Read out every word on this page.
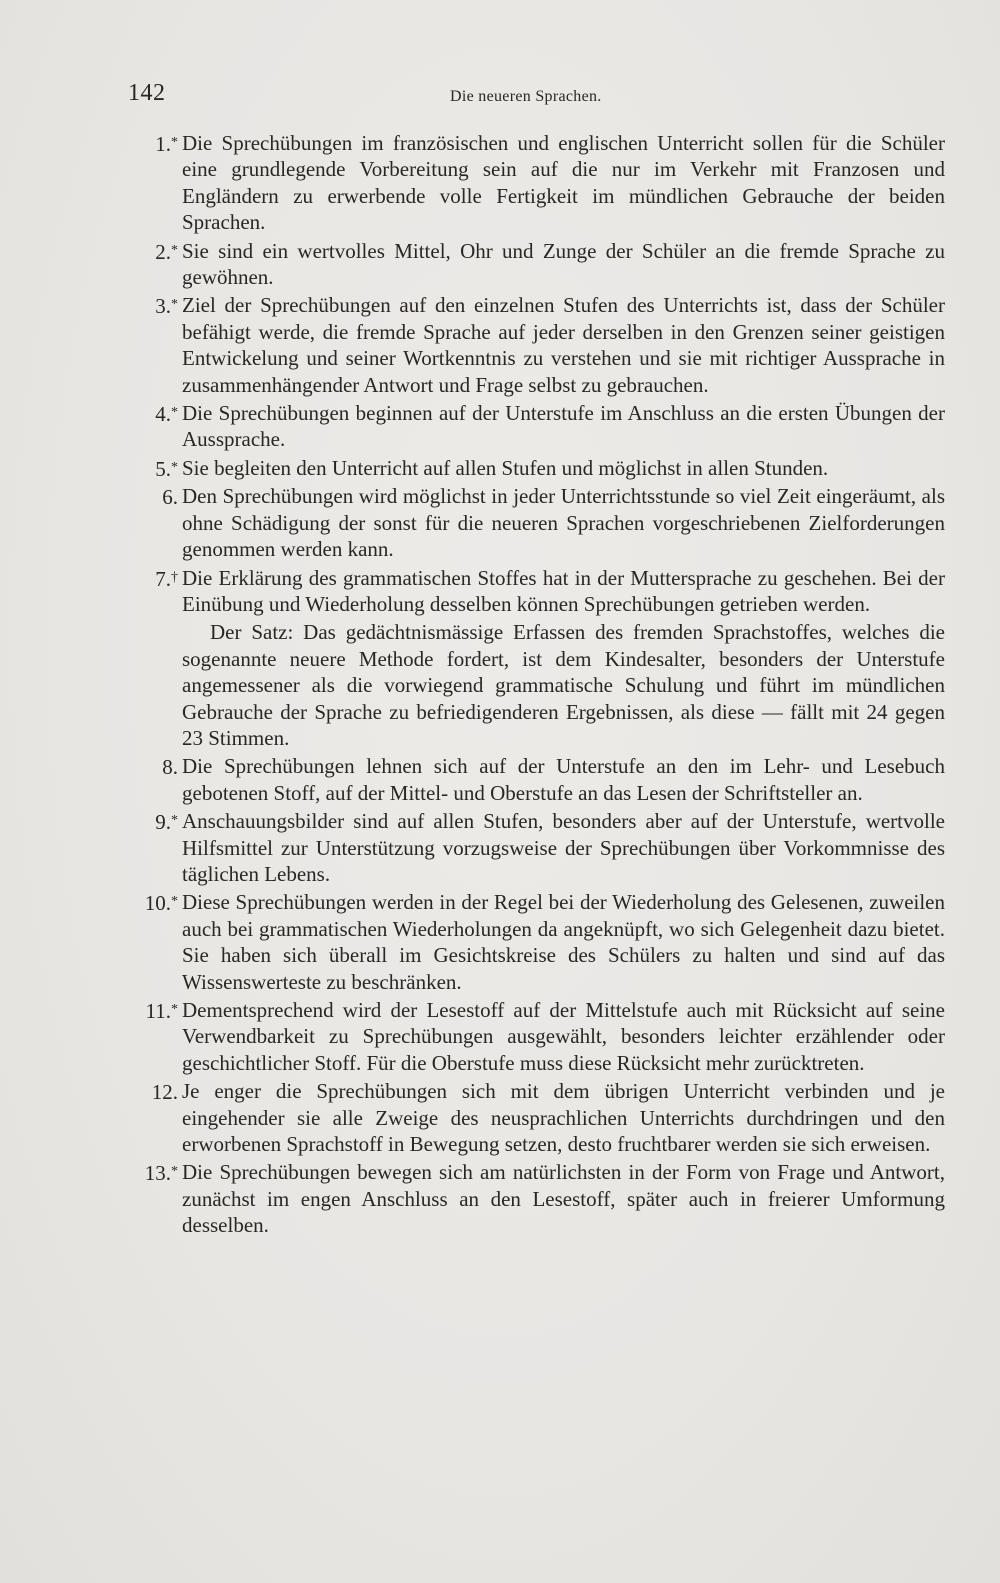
142	Die neueren Sprachen.
1.* Die Sprechübungen im französischen und englischen Unterricht sollen für die Schüler eine grundlegende Vorbereitung sein auf die nur im Verkehr mit Franzosen und Engländern zu erwerbende volle Fertigkeit im mündlichen Gebrauche der beiden Sprachen.
2.* Sie sind ein wertvolles Mittel, Ohr und Zunge der Schüler an die fremde Sprache zu gewöhnen.
3.* Ziel der Sprechübungen auf den einzelnen Stufen des Unterrichts ist, dass der Schüler befähigt werde, die fremde Sprache auf jeder derselben in den Grenzen seiner geistigen Entwickelung und seiner Wortkenntnis zu verstehen und sie mit richtiger Aussprache in zusammenhängender Antwort und Frage selbst zu gebrauchen.
4.* Die Sprechübungen beginnen auf der Unterstufe im Anschluss an die ersten Übungen der Aussprache.
5.* Sie begleiten den Unterricht auf allen Stufen und möglichst in allen Stunden.
6. Den Sprechübungen wird möglichst in jeder Unterrichtsstunde so viel Zeit eingeräumt, als ohne Schädigung der sonst für die neueren Sprachen vorgeschriebenen Zielforderungen genommen werden kann.
7.† Die Erklärung des grammatischen Stoffes hat in der Muttersprache zu geschehen. Bei der Einübung und Wiederholung desselben können Sprechübungen getrieben werden.
Der Satz: Das gedächtnismässige Erfassen des fremden Sprachstoffes, welches die sogenannte neuere Methode fordert, ist dem Kindesalter, besonders der Unterstufe angemessener als die vorwiegend grammatische Schulung und führt im mündlichen Gebrauche der Sprache zu befriedigenderen Ergebnissen, als diese — fällt mit 24 gegen 23 Stimmen.
8. Die Sprechübungen lehnen sich auf der Unterstufe an den im Lehr- und Lesebuch gebotenen Stoff, auf der Mittel- und Oberstufe an das Lesen der Schriftsteller an.
9.* Anschauungsbilder sind auf allen Stufen, besonders aber auf der Unterstufe, wertvolle Hilfsmittel zur Unterstützung vorzugsweise der Sprechübungen über Vorkommnisse des täglichen Lebens.
10.* Diese Sprechübungen werden in der Regel bei der Wiederholung des Gelesenen, zuweilen auch bei grammatischen Wiederholungen da angeknüpft, wo sich Gelegenheit dazu bietet. Sie haben sich überall im Gesichtskreise des Schülers zu halten und sind auf das Wissenswerteste zu beschränken.
11.* Dementsprechend wird der Lesestoff auf der Mittelstufe auch mit Rücksicht auf seine Verwendbarkeit zu Sprechübungen ausgewählt, besonders leichter erzählender oder geschichtlicher Stoff. Für die Oberstufe muss diese Rücksicht mehr zurücktreten.
12. Je enger die Sprechübungen sich mit dem übrigen Unterricht verbinden und je eingehender sie alle Zweige des neusprachlichen Unterrichts durchdringen und den erworbenen Sprachstoff in Bewegung setzen, desto fruchtbarer werden sie sich erweisen.
13.* Die Sprechübungen bewegen sich am natürlichsten in der Form von Frage und Antwort, zunächst im engen Anschluss an den Lesestoff, später auch in freierer Umformung desselben.
